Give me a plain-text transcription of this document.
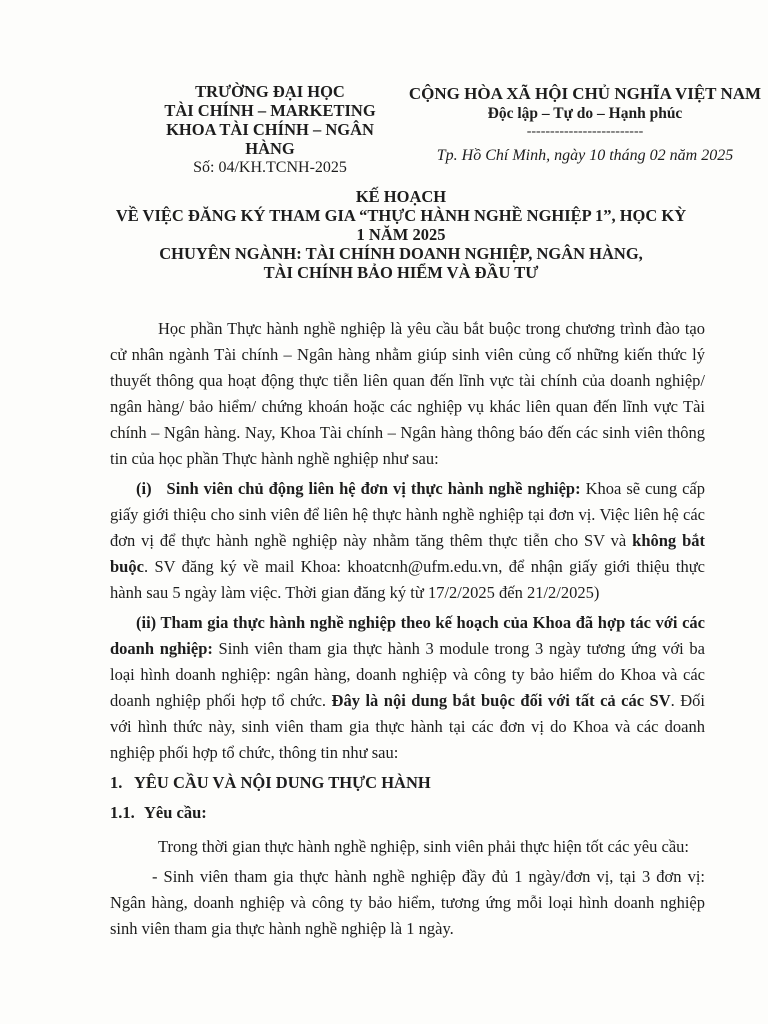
TRƯỜNG ĐẠI HỌC
TÀI CHÍNH – MARKETING
KHOA TÀI CHÍNH – NGÂN HÀNG
Số: 04/KH.TCNH-2025
CỘNG HÒA XÃ HỘI CHỦ NGHĨA VIỆT NAM
Độc lập – Tự do – Hạnh phúc
-------------------------
Tp. Hồ Chí Minh, ngày 10 tháng 02 năm 2025
KẾ HOẠCH
VỀ VIỆC ĐĂNG KÝ THAM GIA “THỰC HÀNH NGHỀ NGHIỆP 1”, HỌC KỲ
1 NĂM 2025
CHUYÊN NGÀNH: TÀI CHÍNH DOANH NGHIỆP, NGÂN HÀNG,
TÀI CHÍNH BẢO HIỂM VÀ ĐẦU TƯ

Học phần Thực hành nghề nghiệp là yêu cầu bắt buộc trong chương trình đào tạo cử nhân ngành Tài chính – Ngân hàng nhằm giúp sinh viên củng cố những kiến thức lý thuyết thông qua hoạt động thực tiễn liên quan đến lĩnh vực tài chính của doanh nghiệp/ ngân hàng/ bảo hiểm/ chứng khoán hoặc các nghiệp vụ khác liên quan đến lĩnh vực Tài chính – Ngân hàng. Nay, Khoa Tài chính – Ngân hàng thông báo đến các sinh viên thông tin của học phần Thực hành nghề nghiệp như sau:

(i) Sinh viên chủ động liên hệ đơn vị thực hành nghề nghiệp: Khoa sẽ cung cấp giấy giới thiệu cho sinh viên để liên hệ thực hành nghề nghiệp tại đơn vị. Việc liên hệ các đơn vị để thực hành nghề nghiệp này nhằm tăng thêm thực tiễn cho SV và không bắt buộc. SV đăng ký về mail Khoa: khoatcnh@ufm.edu.vn, để nhận giấy giới thiệu thực hành sau 5 ngày làm việc. Thời gian đăng ký từ 17/2/2025 đến 21/2/2025)

(ii) Tham gia thực hành nghề nghiệp theo kế hoạch của Khoa đã hợp tác với các doanh nghiệp: Sinh viên tham gia thực hành 3 module trong 3 ngày tương ứng với ba loại hình doanh nghiệp: ngân hàng, doanh nghiệp và công ty bảo hiểm do Khoa và các doanh nghiệp phối hợp tổ chức. Đây là nội dung bắt buộc đối với tất cả các SV. Đối với hình thức này, sinh viên tham gia thực hành tại các đơn vị do Khoa và các doanh nghiệp phối hợp tổ chức, thông tin như sau:

1. YÊU CẦU VÀ NỘI DUNG THỰC HÀNH

1.1. Yêu cầu:

Trong thời gian thực hành nghề nghiệp, sinh viên phải thực hiện tốt các yêu cầu:

- Sinh viên tham gia thực hành nghề nghiệp đầy đủ 1 ngày/đơn vị, tại 3 đơn vị: Ngân hàng, doanh nghiệp và công ty bảo hiểm, tương ứng mỗi loại hình doanh nghiệp sinh viên tham gia thực hành nghề nghiệp là 1 ngày.
